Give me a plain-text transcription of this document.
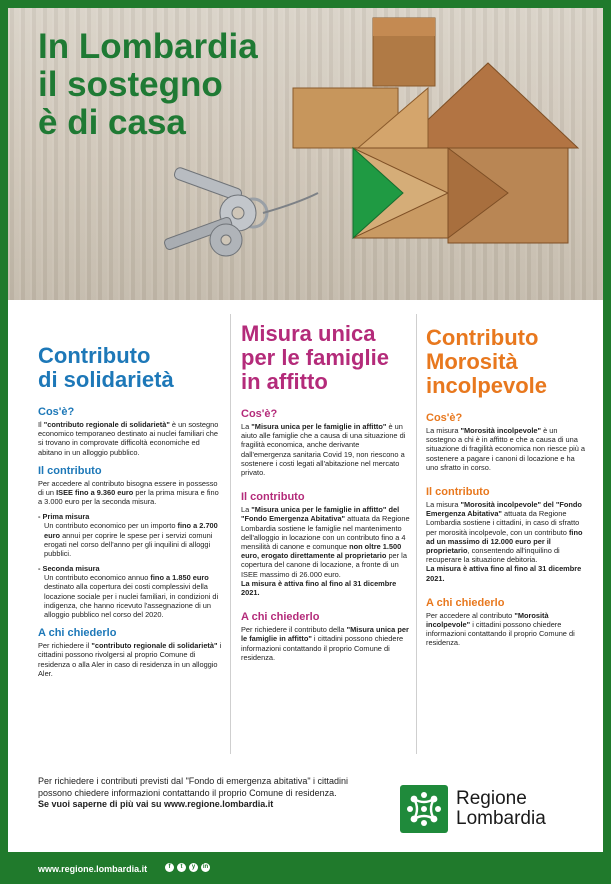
In Lombardia
il sostegno
è di casa
Contributo
di solidarietà
Cos'è?
Il "contributo regionale di solidarietà" è un sostegno economico temporaneo destinato ai nuclei familiari che si trovano in comprovate difficoltà economiche ed abitano in un alloggio pubblico.
Il contributo
Per accedere al contributo bisogna essere in possesso di un ISEE fino a 9.360 euro per la prima misura e fino a 3.000 euro per la seconda misura.
- Prima misura
Un contributo economico per un importo fino a 2.700 euro annui per coprire le spese per i servizi comuni erogati nel corso dell'anno per gli inquilini di alloggi pubblici.
- Seconda misura
Un contributo economico annuo fino a 1.850 euro destinato alla copertura dei costi complessivi della locazione sociale per i nuclei familiari, in condizioni di indigenza, che hanno ricevuto l'assegnazione di un alloggio pubblico nel corso del 2020.
A chi chiederlo
Per richiedere il "contributo regionale di solidarietà" i cittadini possono rivolgersi al proprio Comune di residenza o alla Aler in caso di residenza in un alloggio Aler.
Misura unica
per le famiglie
in affitto
Cos'è?
La "Misura unica per le famiglie in affitto" è un aiuto alle famiglie che a causa di una situazione di fragilità economica, anche derivante dall'emergenza sanitaria Covid 19, non riescono a sostenere i costi legati all'abitazione nel mercato privato.
Il contributo
La "Misura unica per le famiglie in affitto" del "Fondo Emergenza Abitativa" attuata da Regione Lombardia sostiene le famiglie nel mantenimento dell'alloggio in locazione con un contributo fino a 4 mensilità di canone e comunque non oltre 1.500 euro, erogato direttamente al proprietario per la copertura del canone di locazione, a fronte di un ISEE massimo di 26.000 euro.
La misura è attiva fino al fino al 31 dicembre 2021.
A chi chiederlo
Per richiedere il contributo della "Misura unica per le famiglie in affitto" i cittadini possono chiedere informazioni contattando il proprio Comune di residenza.
Contributo
Morosità
incolpevole
Cos'è?
La misura "Morosità incolpevole" è un sostegno a chi è in affitto e che a causa di una situazione di fragilità economica non riesce più a sostenere a pagare i canoni di locazione e ha uno sfratto in corso.
Il contributo
La misura "Morosità incolpevole" del "Fondo Emergenza Abitativa" attuata da Regione Lombardia sostiene i cittadini, in caso di sfratto per morosità incolpevole, con un contributo fino ad un massimo di 12.000 euro per il proprietario, consentendo all'inquilino di recuperare la situazione debitoria.
La misura è attiva fino al fino al 31 dicembre 2021.
A chi chiederlo
Per accedere al contributo "Morosità incolpevole" i cittadini possono chiedere informazioni contattando il proprio Comune di residenza.
Per richiedere i contributi previsti dal "Fondo di emergenza abitativa" i cittadini possono chiedere informazioni contattando il proprio Comune di residenza.
Se vuoi saperne di più vai su www.regione.lombardia.it	Regione
Lombardia
www.regione.lombardia.it	f	t	y	in
